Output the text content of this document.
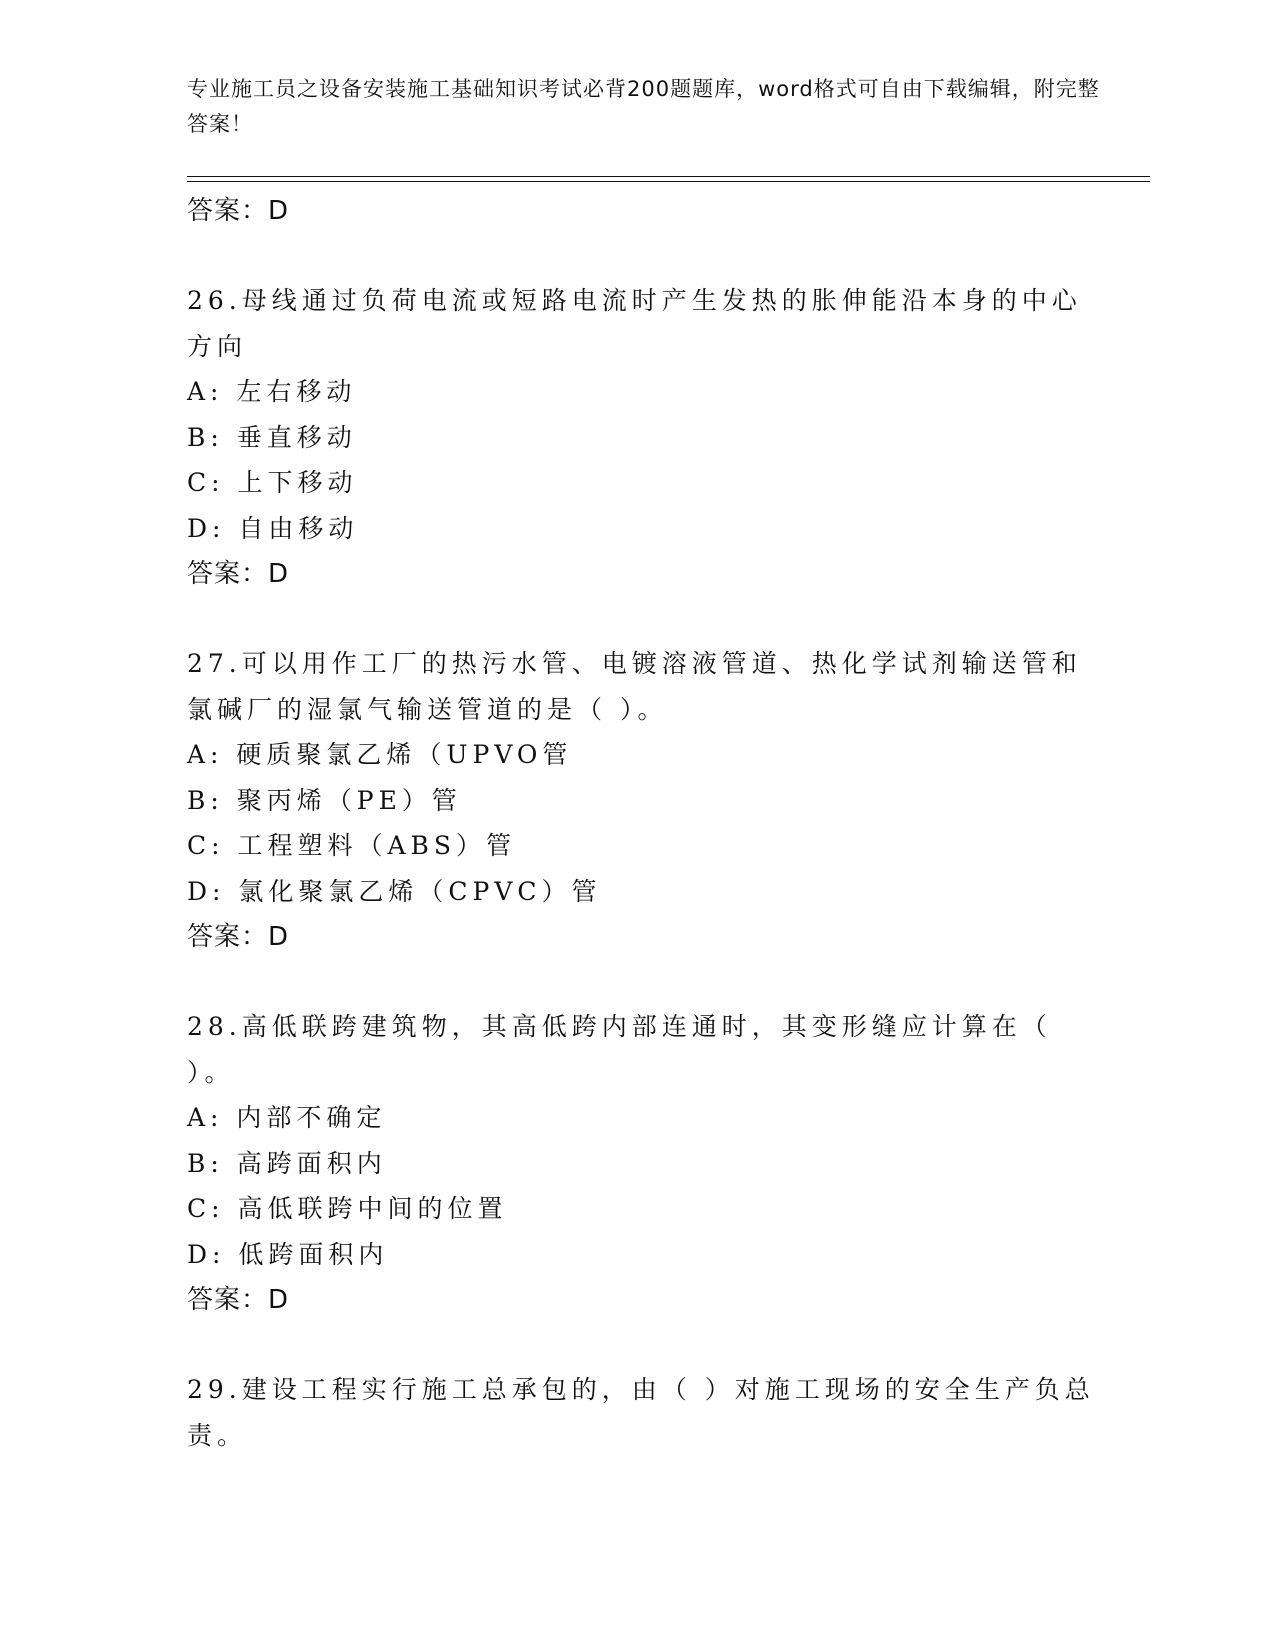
专业施工员之设备安装施工基础知识考试必背200题题库，word格式可自由下载编辑，附完整答案！
答案：D
26.母线通过负荷电流或短路电流时产生发热的胀伸能沿本身的中心方向
A: 左右移动
B: 垂直移动
C: 上下移动
D: 自由移动
答案：D
27.可以用作工厂的热污水管、电镀溶液管道、热化学试剂输送管和氯碱厂的湿氯气输送管道的是（ ）。
A: 硬质聚氯乙烯（UPVO管
B: 聚丙烯（PE）管
C: 工程塑料（ABS）管
D: 氯化聚氯乙烯（CPVC）管
答案：D
28.高低联跨建筑物，其高低跨内部连通时，其变形缝应计算在（ ）。
A: 内部不确定
B: 高跨面积内
C: 高低联跨中间的位置
D: 低跨面积内
答案：D
29.建设工程实行施工总承包的，由（ ）对施工现场的安全生产负总责。
